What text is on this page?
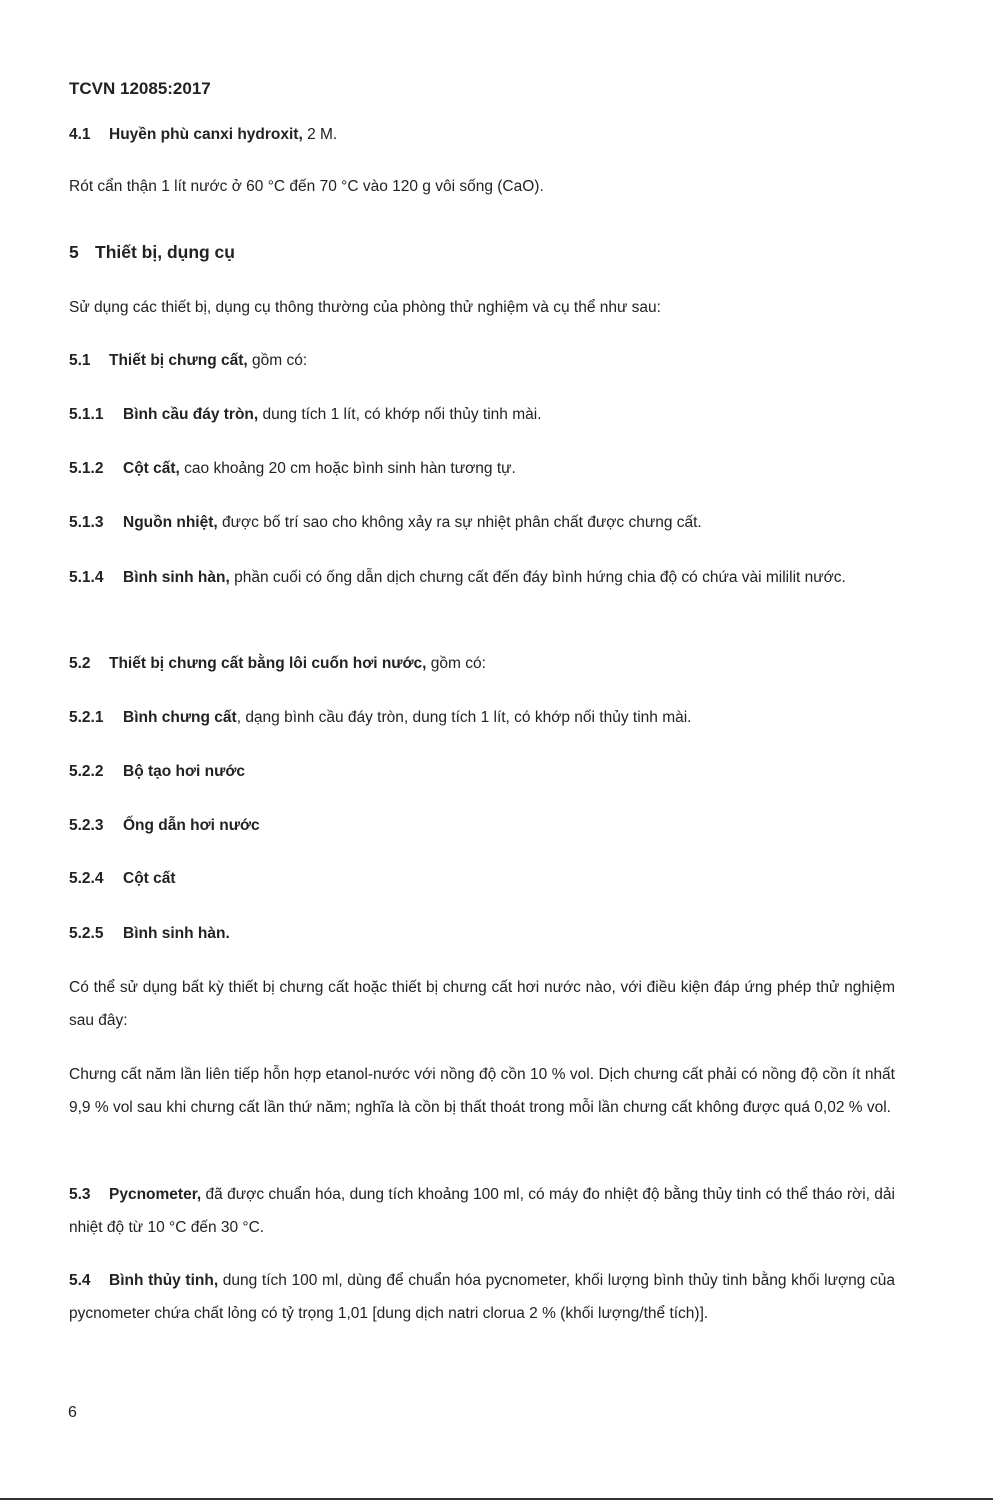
TCVN 12085:2017
4.1 Huyền phù canxi hydroxit, 2 M.
Rót cẩn thận 1 lít nước ở 60 °C đến 70 °C vào 120 g vôi sống (CaO).
5 Thiết bị, dụng cụ
Sử dụng các thiết bị, dụng cụ thông thường của phòng thử nghiệm và cụ thể như sau:
5.1 Thiết bị chưng cất, gồm có:
5.1.1 Bình cầu đáy tròn, dung tích 1 lít, có khớp nối thủy tinh mài.
5.1.2 Cột cất, cao khoảng 20 cm hoặc bình sinh hàn tương tự.
5.1.3 Nguồn nhiệt, được bố trí sao cho không xảy ra sự nhiệt phân chất được chưng cất.
5.1.4 Bình sinh hàn, phần cuối có ống dẫn dịch chưng cất đến đáy bình hứng chia độ có chứa vài mililit nước.
5.2 Thiết bị chưng cất bằng lôi cuốn hơi nước, gồm có:
5.2.1 Bình chưng cất, dạng bình cầu đáy tròn, dung tích 1 lít, có khớp nối thủy tinh mài.
5.2.2 Bộ tạo hơi nước
5.2.3 Ống dẫn hơi nước
5.2.4 Cột cất
5.2.5 Bình sinh hàn.
Có thể sử dụng bất kỳ thiết bị chưng cất hoặc thiết bị chưng cất hơi nước nào, với điều kiện đáp ứng phép thử nghiệm sau đây:
Chưng cất năm lần liên tiếp hỗn hợp etanol-nước với nồng độ cồn 10 % vol. Dịch chưng cất phải có nồng độ cồn ít nhất 9,9 % vol sau khi chưng cất lần thứ năm; nghĩa là cồn bị thất thoát trong mỗi lần chưng cất không được quá 0,02 % vol.
5.3 Pycnometer, đã được chuẩn hóa, dung tích khoảng 100 ml, có máy đo nhiệt độ bằng thủy tinh có thể tháo rời, dải nhiệt độ từ 10 °C đến 30 °C.
5.4 Bình thủy tinh, dung tích 100 ml, dùng để chuẩn hóa pycnometer, khối lượng bình thủy tinh bằng khối lượng của pycnometer chứa chất lỏng có tỷ trọng 1,01 [dung dịch natri clorua 2 % (khối lượng/thể tích)].
6
